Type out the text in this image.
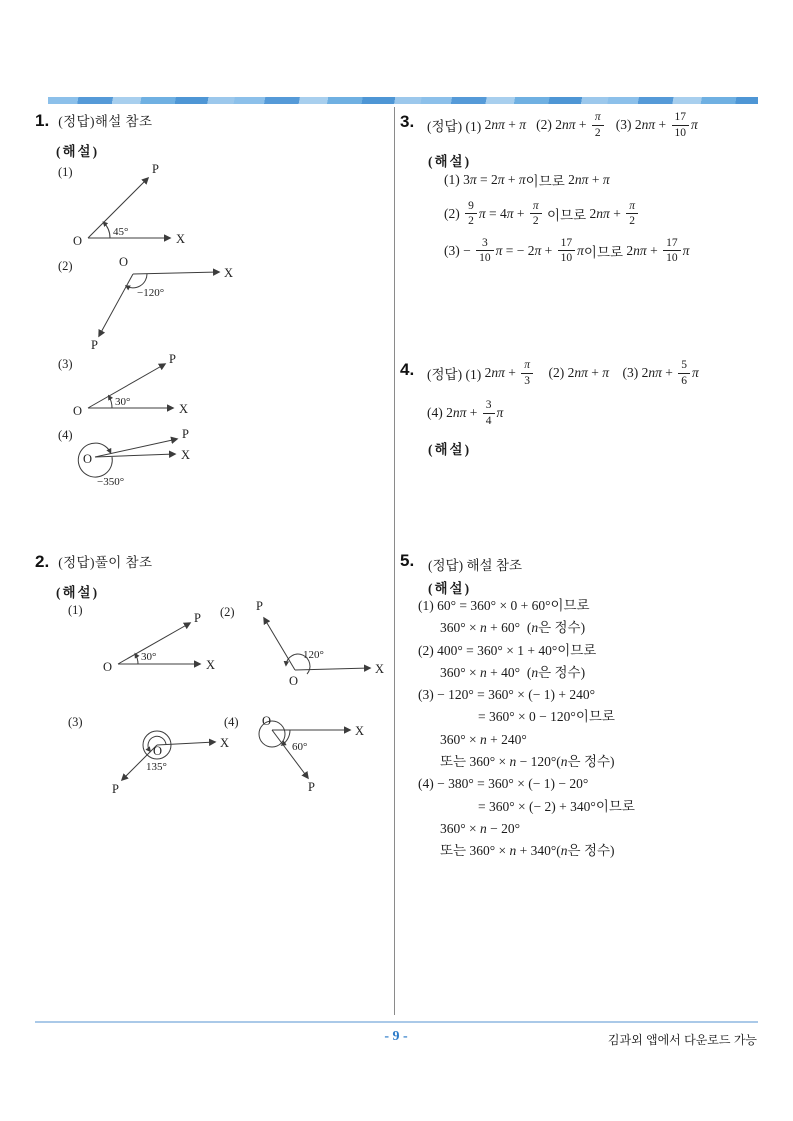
1. (정답)해설 참조
(해설)
(1)
O	X
P
45°
(2)	O
X
P
−120°
(3)
O	X
P
30°
(4)
O	X
P
−350°
2. (정답)풀이 참조
(해설)
(1)
O	X
P
30°
(2)
O
X
P
120°
(3)
O
X
P
135°
(4) O
X
P
60°
3. (정답) (1) 2nπ + π (2) $2n\pi + \frac{\pi}{2} (3) 2n\pi + \frac{17}{10}$ π
(해설)
(1) 3π = 2π + π 이므로 2nπ + π
$(2) \frac{9}{2}$ $\pi = 4\pi + \frac{\pi}{2}$ 이므로 $2n\pi + \frac{\pi}{2}$
$(3) - \frac{3}{10}$ π = − $2\pi + \frac{17}{10}$ π 이므로 $2n\pi + \frac{17}{10}$ π
4. (정답) (1) $2n\pi + \frac{\pi}{3} (2) 2n\pi + \pi$ (3) $2n\pi + \frac{5}{6}$ π
(4) $2n\pi + \frac{3}{4}$ π
(해설)
5. (정답) 해설 참조
(해설)
(1) 60° = 360° × 0 + 60°이므로
360° × n + 60° (n은 정수)
(2) 400° = 360° × 1 + 40°이므로
360° × n + 40° (n은 정수)
(3) − 120° = 360° × (− 1) + 240°
= 360° × 0 − 120°이므로
360° × n + 240°
또는 360° × n − 120°(n은 정수)
(4) − 380° = 360° × (− 1) − 20°
= 360° × (− 2) + 340°이므로
360° × n − 20°
또는 360° × n + 340°(n은 정수)
- 9 -	김과외 앱에서 다운로드 가능
